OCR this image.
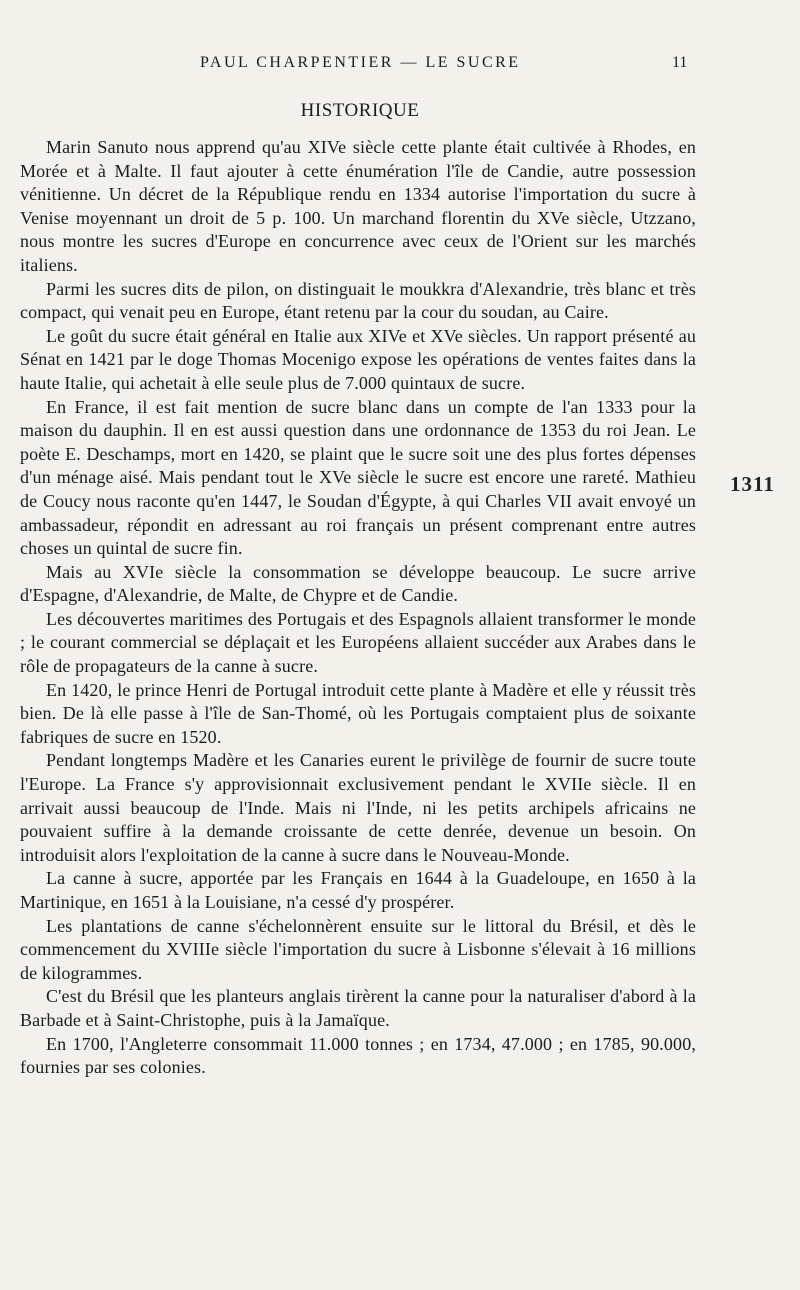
PAUL CHARPENTIER — LE SUCRE	11
HISTORIQUE

Marin Sanuto nous apprend qu'au XIVe siècle cette plante était cultivée à Rhodes, en Morée et à Malte. Il faut ajouter à cette énumération l'île de Candie, autre possession vénitienne. Un décret de la République rendu en 1334 autorise l'importation du sucre à Venise moyennant un droit de 5 p. 100. Un marchand florentin du XVe siècle, Utzzano, nous montre les sucres d'Europe en concurrence avec ceux de l'Orient sur les marchés italiens.

Parmi les sucres dits de pilon, on distinguait le moukkra d'Alexandrie, très blanc et très compact, qui venait peu en Europe, étant retenu par la cour du soudan, au Caire.

Le goût du sucre était général en Italie aux XIVe et XVe siècles. Un rapport présenté au Sénat en 1421 par le doge Thomas Mocenigo expose les opérations de ventes faites dans la haute Italie, qui achetait à elle seule plus de 7.000 quintaux de sucre.

En France, il est fait mention de sucre blanc dans un compte de l'an 1333 pour la maison du dauphin. Il en est aussi question dans une ordonnance de 1353 du roi Jean. Le poète E. Deschamps, mort en 1420, se plaint que le sucre soit une des plus fortes dépenses d'un ménage aisé. Mais pendant tout le XVe siècle le sucre est encore une rareté. Mathieu de Coucy nous raconte qu'en 1447, le Soudan d'Égypte, à qui Charles VII avait envoyé un ambassadeur, répondit en adressant au roi français un présent comprenant entre autres choses un quintal de sucre fin.

Mais au XVIe siècle la consommation se développe beaucoup. Le sucre arrive d'Espagne, d'Alexandrie, de Malte, de Chypre et de Candie.

Les découvertes maritimes des Portugais et des Espagnols allaient transformer le monde ; le courant commercial se déplaçait et les Européens allaient succéder aux Arabes dans le rôle de propagateurs de la canne à sucre.

En 1420, le prince Henri de Portugal introduit cette plante à Madère et elle y réussit très bien. De là elle passe à l'île de San-Thomé, où les Portugais comptaient plus de soixante fabriques de sucre en 1520.

Pendant longtemps Madère et les Canaries eurent le privilège de fournir de sucre toute l'Europe. La France s'y approvisionnait exclusivement pendant le XVIIe siècle. Il en arrivait aussi beaucoup de l'Inde. Mais ni l'Inde, ni les petits archipels africains ne pouvaient suffire à la demande croissante de cette denrée, devenue un besoin. On introduisit alors l'exploitation de la canne à sucre dans le Nouveau-Monde.

La canne à sucre, apportée par les Français en 1644 à la Guadeloupe, en 1650 à la Martinique, en 1651 à la Louisiane, n'a cessé d'y prospérer.

Les plantations de canne s'échelonnèrent ensuite sur le littoral du Brésil, et dès le commencement du XVIIIe siècle l'importation du sucre à Lisbonne s'élevait à 16 millions de kilogrammes.

C'est du Brésil que les planteurs anglais tirèrent la canne pour la naturaliser d'abord à la Barbade et à Saint-Christophe, puis à la Jamaïque.

En 1700, l'Angleterre consommait 11.000 tonnes ; en 1734, 47.000 ; en 1785, 90.000, fournies par ses colonies.

1311
